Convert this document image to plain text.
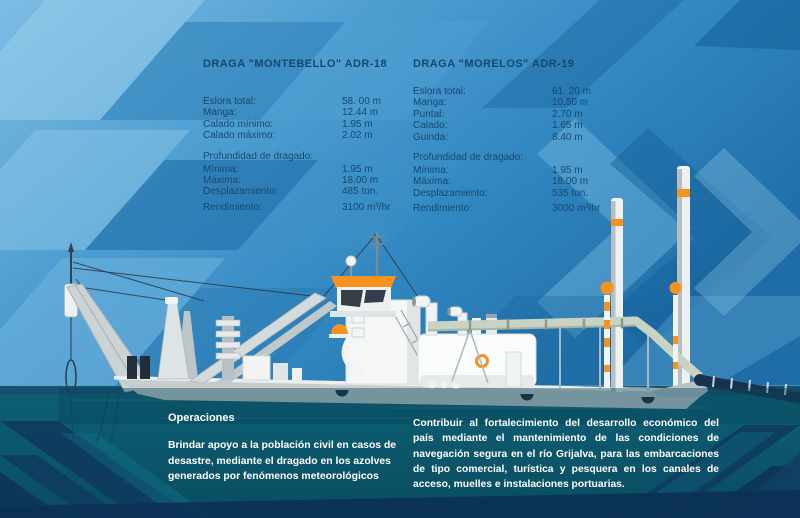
DRAGA "MONTEBELLO" ADR-18
Eslora total:	58. 00 m
Manga:	12.44 m
Calado mínimo:	1.95 m
Calado máximo:	2.02 m
Profundidad de dragado:
Mínima:	1.95 m
Máxima:	18.00 m
Desplazamiento:	485 ton.
Rendimiento:	3100 m³/hr
DRAGA "MORELOS" ADR-19
Eslora total:	61. 20 m
Manga:	10.50 m
Puntal:	2.70 m
Calado:	1.65 m
Guinda:	8.40 m
Profundidad de dragado:
Mínima:	1.95 m
Máxima:	18.00 m
Desplazamiento:	535 ton.
Rendimiento:	3000 m³/hr
Operaciones
Brindar apoyo a la población civil en casos de desastre, mediante el dragado en los azolves generados por fenómenos meteorológicos
Contribuir al fortalecimiento del desarrollo económico del país mediante el mantenimiento de las condiciones de navegación segura en el río Grijalva, para las embarcaciones de tipo comercial, turística y pesquera en los canales de acceso, muelles e instalaciones portuarias.
